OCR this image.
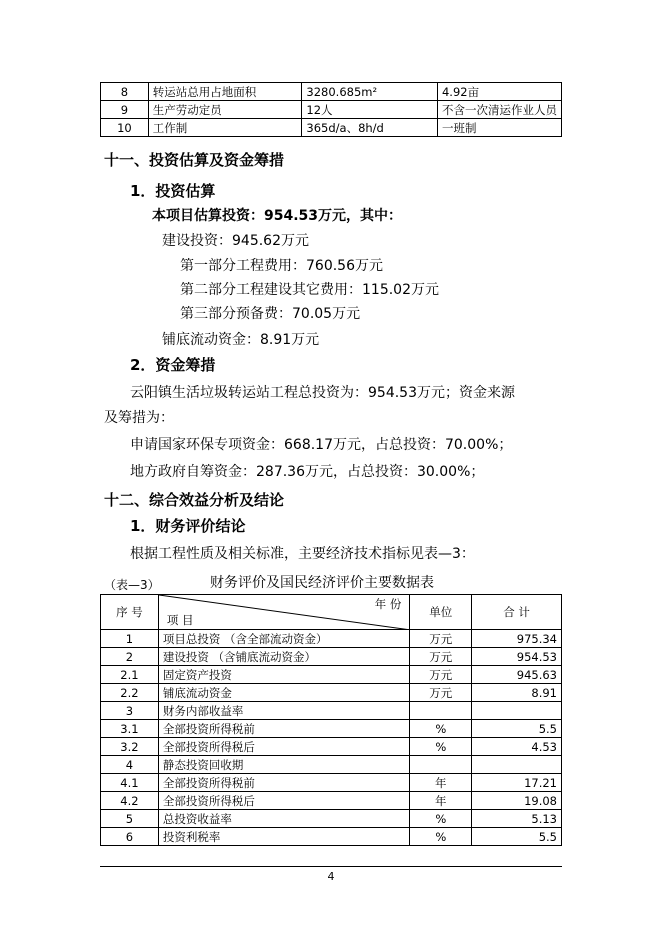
8	转运站总用占地面积	3280.685m²	4.92亩
9	生产劳动定员	12人	不含一次清运作业人员
10	工作制	365d/a、8h/d	一班制
十一、投资估算及资金筹措
1．投资估算
本项目估算投资：954.53万元，其中：
建设投资：945.62万元
第一部分工程费用：760.56万元
第二部分工程建设其它费用：115.02万元
第三部分预备费：70.05万元
铺底流动资金：8.91万元
2．资金筹措
云阳镇生活垃圾转运站工程总投资为：954.53万元；资金来源
及筹措为：
申请国家环保专项资金：668.17万元，占总投资：70.00%；
地方政府自筹资金：287.36万元，占总投资：30.00%；
十二、综合效益分析及结论
1．财务评价结论
根据工程性质及相关标准，主要经济技术指标见表—3：
（表—3）	财务评价及国民经济评价主要数据表
序 号	年 份
项 目	单位	合 计
1	项目总投资 （含全部流动资金）	万元	975.34
2	建设投资 （含铺底流动资金）	万元	954.53
2.1	固定资产投资	万元	945.63
2.2	铺底流动资金	万元	8.91
3	财务内部收益率		
3.1	全部投资所得税前	%	5.5
3.2	全部投资所得税后	%	4.53
4	静态投资回收期		
4.1	全部投资所得税前	年	17.21
4.2	全部投资所得税后	年	19.08
5	总投资收益率	%	5.13
6	投资利税率	%	5.5
4
